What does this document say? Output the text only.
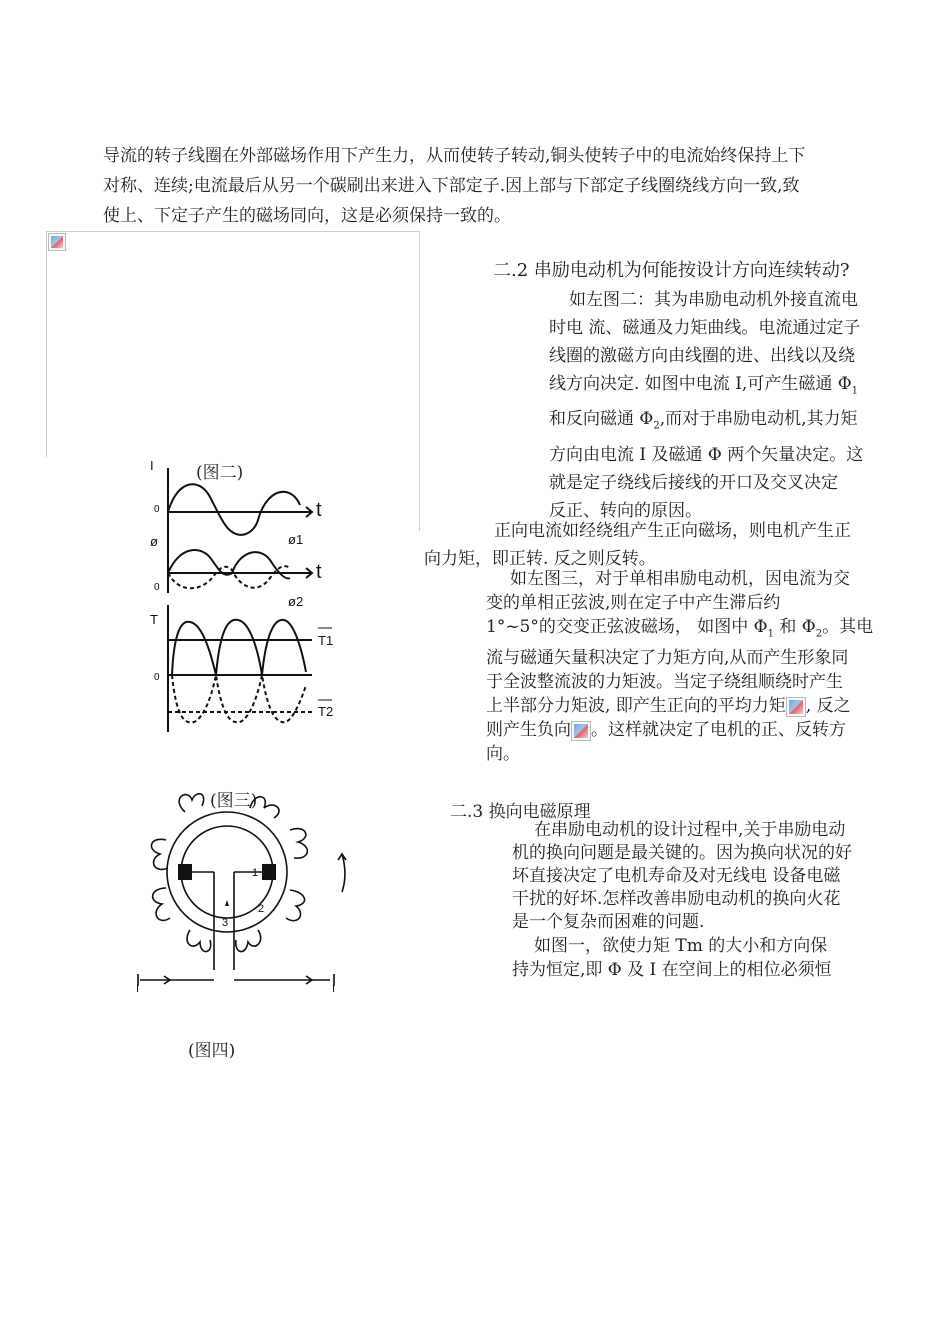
导流的转子线圈在外部磁场作用下产生力，从而使转子转动,铜头使转子中的电流始终保持上下
对称、连续;电流最后从另一个碳刷出来进入下部定子.因上部与下部定子线圈绕线方向一致,致
使上、下定子产生的磁场同向，这是必须保持一致的。
(图二)
二.2 串励电动机为何能按设计方向连续转动?
如左图二：其为串励电动机外接直流电
时电 流、磁通及力矩曲线。电流通过定子
线圈的激磁方向由线圈的进、出线以及绕
线方向决定. 如图中电流 I,可产生磁通 $\Phi_1$
和反向磁通 $\Phi_2$,而对于串励电动机,其力矩
方向由电流 I 及磁通 Φ 两个矢量决定。这
就是定子绕线后接线的开口及交叉决定
反正、转向的原因。
正向电流如经绕组产生正向磁场，则电机产生正
向力矩，即正转. 反之则反转。
如左图三，对于单相串励电动机，因电流为交
变的单相正弦波,则在定子中产生滞后约
1°~5°的交变正弦波磁场， 如图中 $\Phi_1$ 和 $\Phi_2$。其电
流与磁通矢量积决定了力矩方向,从而产生形象同
于全波整流波的力矩波。当定子绕组顺绕时产生
上半部分力矩波, 即产生正向的平均力矩 , 反之
则产生负向 。这样就决定了电机的正、反转方
向。
I
0	t
ø
0
t
ø1
ø2
T
0
T1
T2
(图三)
1
2
3
I	I
(图四)
二.3 换向电磁原理
在串励电动机的设计过程中,关于串励电动
机的换向问题是最关键的。因为换向状况的好
坏直接决定了电机寿命及对无线电 设备电磁
干扰的好坏.怎样改善串励电动机的换向火花
是一个复杂而困难的问题.
如图一，欲使力矩 Tm 的大小和方向保
持为恒定,即 Φ 及 I 在空间上的相位必须恒
